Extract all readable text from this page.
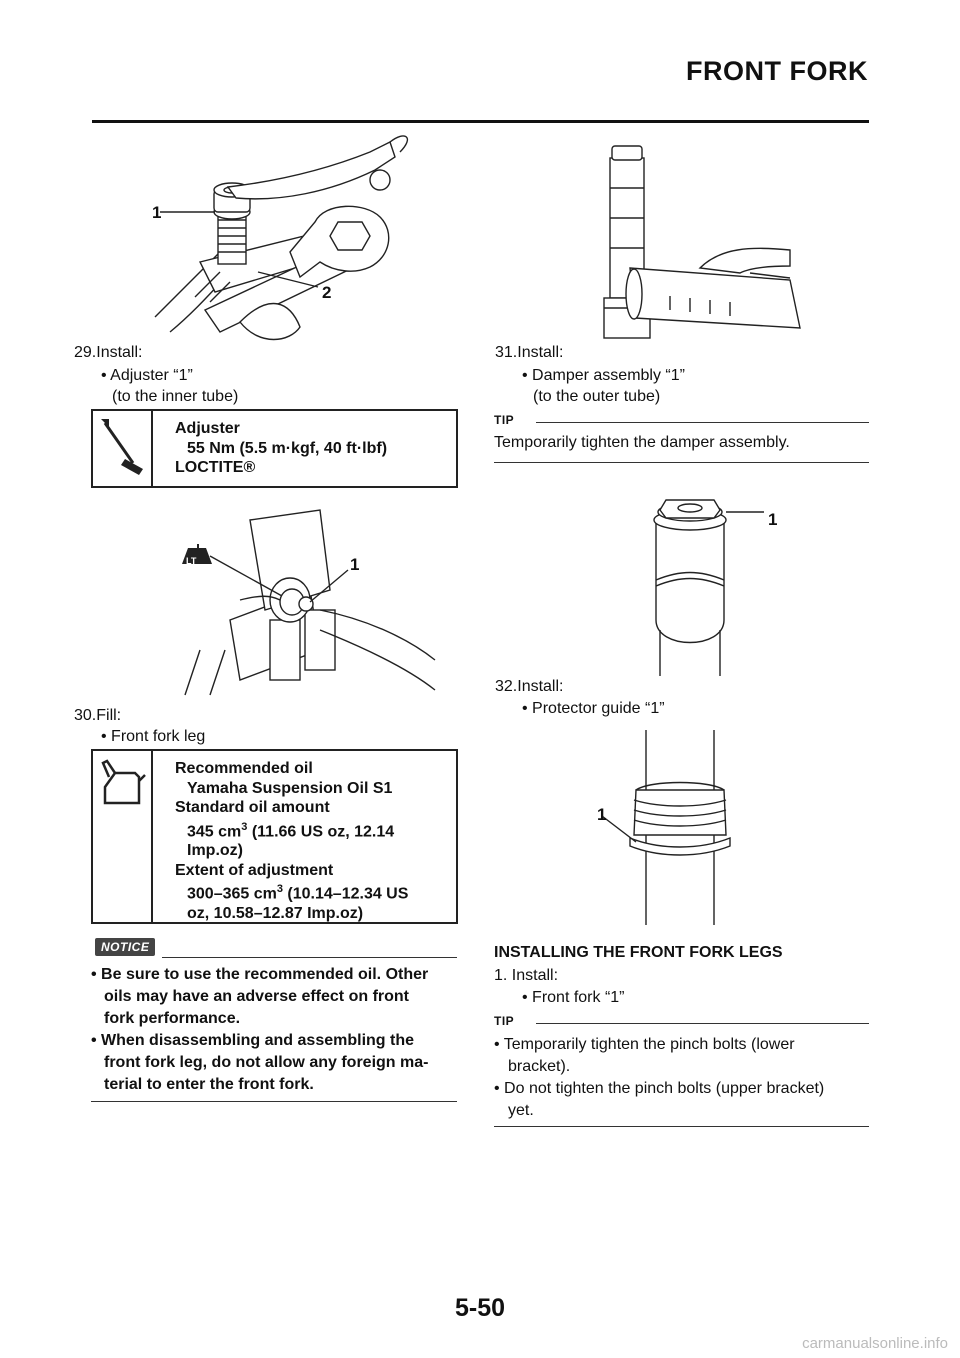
FRONT FORK
1
2
29.Install:
• Adjuster “1”
(to the inner tube)
Adjuster
55 Nm (5.5 m·kgf, 40 ft·lbf)
LOCTITE®
LT	1
30.Fill:
• Front fork leg
Recommended oil
Yamaha Suspension Oil S1
Standard oil amount
345 $cm^3$ (11.66 US oz, 12.14
Imp.oz)
Extent of adjustment
300–365 $cm^3$ (10.14–12.34 US
oz, 10.58–12.87 Imp.oz)
NOTICE
• Be sure to use the recommended oil. Other
oils may have an adverse effect on front
fork performance.
• When disassembling and assembling the
front fork leg, do not allow any foreign ma-
terial to enter the front fork.
31.Install:
• Damper assembly “1”
(to the outer tube)
TIP
Temporarily tighten the damper assembly.
1
32.Install:
• Protector guide “1”
1
INSTALLING THE FRONT FORK LEGS
1. Install:
• Front fork “1”
TIP
• Temporarily tighten the pinch bolts (lower
bracket).
• Do not tighten the pinch bolts (upper bracket)
yet.
5-50
carmanualsonline.info
